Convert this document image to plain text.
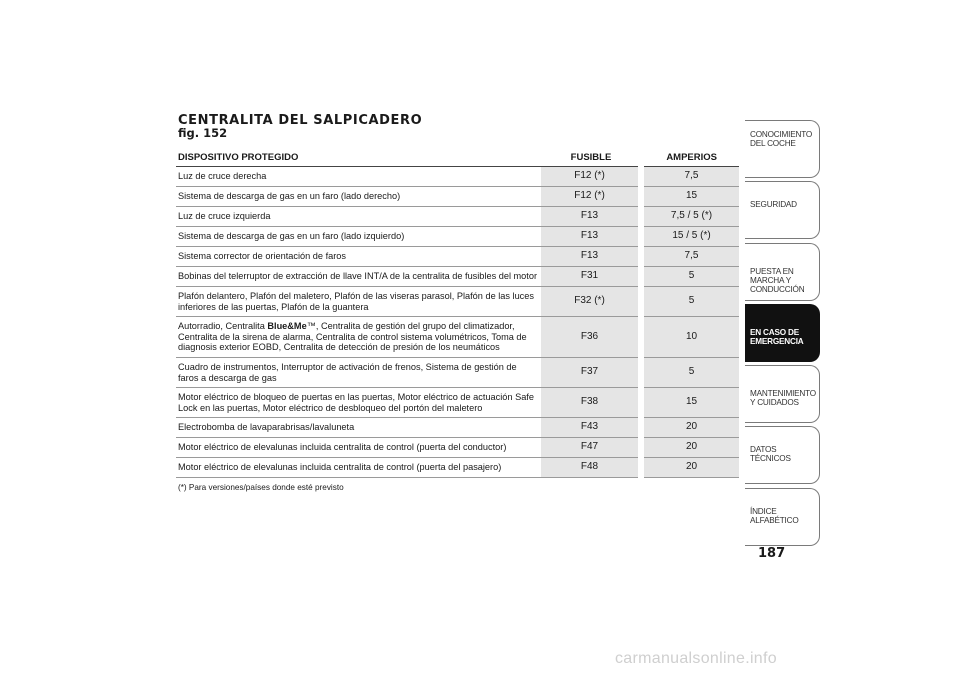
CENTRALITA DEL SALPICADERO
fig. 152
DISPOSITIVO PROTEGIDO	FUSIBLE	AMPERIOS
Luz de cruce derecha	F12 (*)	7,5
Sistema de descarga de gas en un faro (lado derecho)	F12 (*)	15
Luz de cruce izquierda	F13	7,5 / 5 (*)
Sistema de descarga de gas en un faro (lado izquierdo)	F13	15 / 5 (*)
Sistema corrector de orientación de faros	F13	7,5
Bobinas del telerruptor de extracción de llave INT/A de la centralita de fusibles del motor	F31	5
Plafón delantero, Plafón del maletero, Plafón de las viseras parasol, Plafón de las luces inferiores de las puertas, Plafón de la guantera	F32 (*)	5
Autorradio, Centralita Blue&Me™, Centralita de gestión del grupo del climatizador, Centralita de la sirena de alarma, Centralita de control sistema volumétricos, Toma de diagnosis exterior EOBD, Centralita de detección de presión de los neumáticos	F36	10
Cuadro de instrumentos, Interruptor de activación de frenos, Sistema de gestión de faros a descarga de gas	F37	5
Motor eléctrico de bloqueo de puertas en las puertas, Motor eléctrico de actuación Safe Lock en las puertas, Motor eléctrico de desbloqueo del portón del maletero	F38	15
Electrobomba de lavaparabrisas/lavaluneta	F43	20
Motor eléctrico de elevalunas incluida centralita de control (puerta del conductor)	F47	20
Motor eléctrico de elevalunas incluida centralita de control (puerta del pasajero)	F48	20
(*) Para versiones/países donde esté previsto
CONOCIMIENTO DEL COCHE
SEGURIDAD
PUESTA EN MARCHA Y CONDUCCIÓN
EN CASO DE EMERGENCIA
MANTENIMIENTO Y CUIDADOS
DATOS TÉCNICOS
ÍNDICE ALFABÉTICO
187
carmanualsonline.info
